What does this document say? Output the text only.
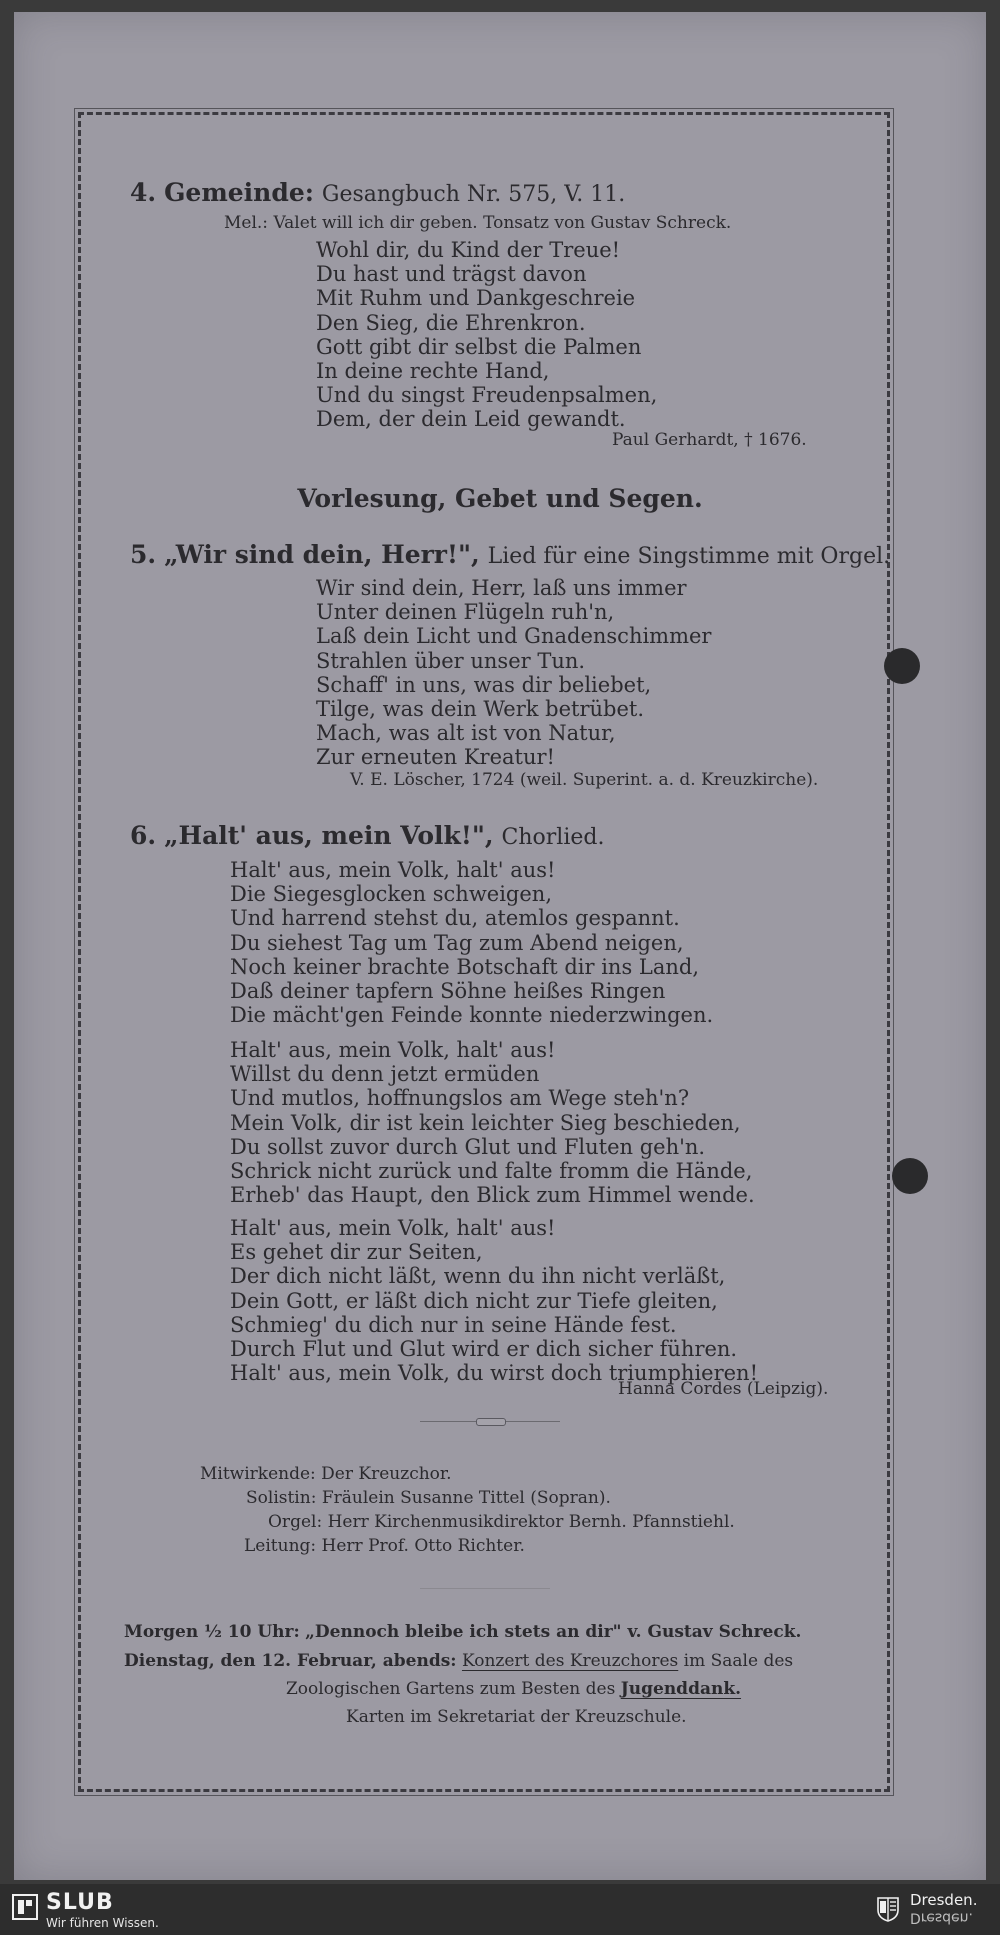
4. Gemeinde: Gesangbuch Nr. 575, V. 11.
Mel.: Valet will ich dir geben. Tonsatz von Gustav Schreck.
Wohl dir, du Kind der Treue!
Du hast und trägst davon
Mit Ruhm und Dankgeschreie
Den Sieg, die Ehrenkron.
Gott gibt dir selbst die Palmen
In deine rechte Hand,
Und du singst Freudenpsalmen,
Dem, der dein Leid gewandt.
Paul Gerhardt, † 1676.
Vorlesung, Gebet und Segen.
5. „Wir sind dein, Herr!", Lied für eine Singstimme mit Orgel.
Wir sind dein, Herr, laß uns immer
Unter deinen Flügeln ruh'n,
Laß dein Licht und Gnadenschimmer
Strahlen über unser Tun.
Schaff' in uns, was dir beliebet,
Tilge, was dein Werk betrübet.
Mach, was alt ist von Natur,
Zur erneuten Kreatur!
V. E. Löscher, 1724 (weil. Superint. a. d. Kreuzkirche).
6. „Halt' aus, mein Volk!", Chorlied.
Halt' aus, mein Volk, halt' aus!
Die Siegesglocken schweigen,
Und harrend stehst du, atemlos gespannt.
Du siehest Tag um Tag zum Abend neigen,
Noch keiner brachte Botschaft dir ins Land,
Daß deiner tapfern Söhne heißes Ringen
Die mächt'gen Feinde konnte niederzwingen.
Halt' aus, mein Volk, halt' aus!
Willst du denn jetzt ermüden
Und mutlos, hoffnungslos am Wege steh'n?
Mein Volk, dir ist kein leichter Sieg beschieden,
Du sollst zuvor durch Glut und Fluten geh'n.
Schrick nicht zurück und falte fromm die Hände,
Erheb' das Haupt, den Blick zum Himmel wende.
Halt' aus, mein Volk, halt' aus!
Es gehet dir zur Seiten,
Der dich nicht läßt, wenn du ihn nicht verläßt,
Dein Gott, er läßt dich nicht zur Tiefe gleiten,
Schmieg' du dich nur in seine Hände fest.
Durch Flut und Glut wird er dich sicher führen.
Halt' aus, mein Volk, du wirst doch triumphieren!
Hanna Cordes (Leipzig).
Mitwirkende: Der Kreuzchor.
Solistin: Fräulein Susanne Tittel (Sopran).
Orgel: Herr Kirchenmusikdirektor Bernh. Pfannstiehl.
Leitung: Herr Prof. Otto Richter.
Morgen ½ 10 Uhr: „Dennoch bleibe ich stets an dir" v. Gustav Schreck.
Dienstag, den 12. Februar, abends: Konzert des Kreuzchores im Saale des
Zoologischen Gartens zum Besten des Jugenddank.
Karten im Sekretariat der Kreuzschule.
SLUB
Wir führen Wissen.
Dresden.
Dresden.
